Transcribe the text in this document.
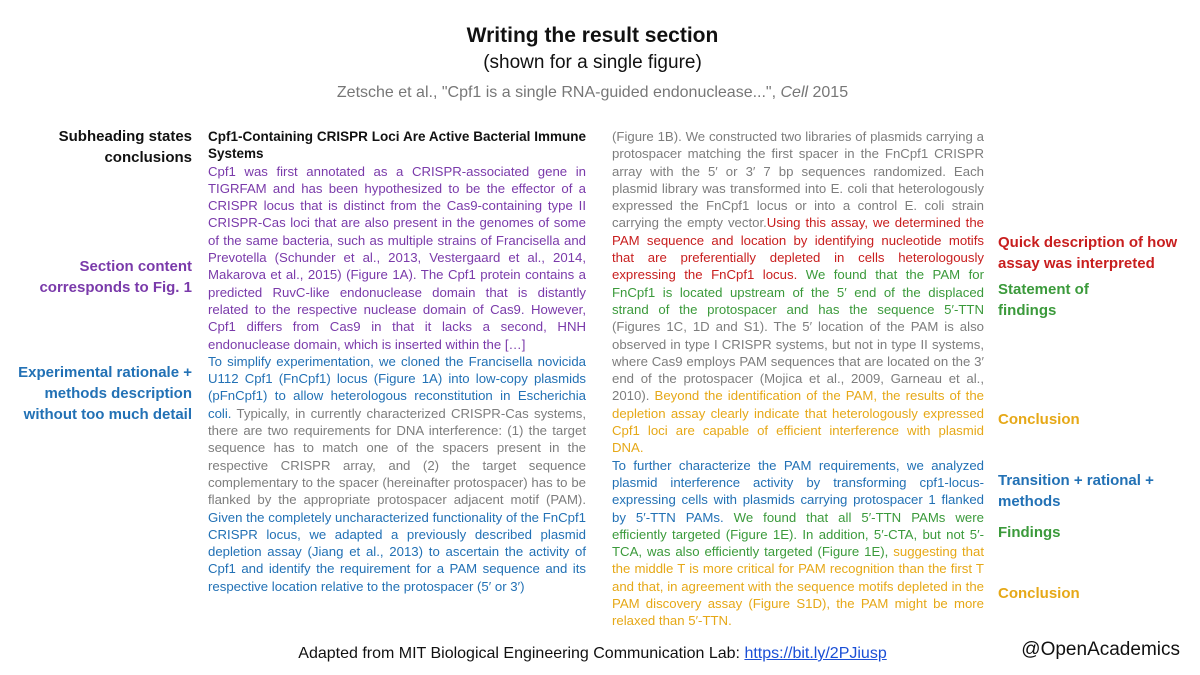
Writing the result section
(shown for a single figure)
Zetsche et al., "Cpf1 is a single RNA-guided endonuclease...", Cell 2015
Subheading states conclusions
Section content corresponds to Fig. 1
Experimental rationale + methods description without too much detail

Cpf1-Containing CRISPR Loci Are Active Bacterial Immune Systems

Cpf1 was first annotated as a CRISPR-associated gene in TIGRFAM and has been hypothesized to be the effector of a CRISPR locus that is distinct from the Cas9-containing type II CRISPR-Cas loci that are also present in the genomes of some of the same bacteria, such as multiple strains of Francisella and Prevotella (Schunder et al., 2013, Vestergaard et al., 2014, Makarova et al., 2015) (Figure 1A). The Cpf1 protein contains a predicted RuvC-like endonuclease domain that is distantly related to the respective nuclease domain of Cas9. However, Cpf1 differs from Cas9 in that it lacks a second, HNH endonuclease domain, which is inserted within the […]

To simplify experimentation, we cloned the Francisella novicida U112 Cpf1 (FnCpf1) locus (Figure 1A) into low-copy plasmids (pFnCpf1) to allow heterologous reconstitution in Escherichia coli. Typically, in currently characterized CRISPR-Cas systems, there are two requirements for DNA interference: (1) the target sequence has to match one of the spacers present in the respective CRISPR array, and (2) the target sequence complementary to the spacer (hereinafter protospacer) has to be flanked by the appropriate protospacer adjacent motif (PAM). Given the completely uncharacterized functionality of the FnCpf1 CRISPR locus, we adapted a previously described plasmid depletion assay (Jiang et al., 2013) to ascertain the activity of Cpf1 and identify the requirement for a PAM sequence and its respective location relative to the protospacer (5′ or 3′)

(Figure 1B). We constructed two libraries of plasmids carrying a protospacer matching the first spacer in the FnCpf1 CRISPR array with the 5′ or 3′ 7 bp sequences randomized. Each plasmid library was transformed into E. coli that heterologously expressed the FnCpf1 locus or into a control E. coli strain carrying the empty vector.Using this assay, we determined the PAM sequence and location by identifying nucleotide motifs that are preferentially depleted in cells heterologously expressing the FnCpf1 locus. We found that the PAM for FnCpf1 is located upstream of the 5′ end of the displaced strand of the protospacer and has the sequence 5′-TTN (Figures 1C, 1D and S1). The 5′ location of the PAM is also observed in type I CRISPR systems, but not in type II systems, where Cas9 employs PAM sequences that are located on the 3′ end of the protospacer (Mojica et al., 2009, Garneau et al., 2010). Beyond the identification of the PAM, the results of the depletion assay clearly indicate that heterologously expressed Cpf1 loci are capable of efficient interference with plasmid DNA.

To further characterize the PAM requirements, we analyzed plasmid interference activity by transforming cpf1-locus-expressing cells with plasmids carrying protospacer 1 flanked by 5′-TTN PAMs. We found that all 5′-TTN PAMs were efficiently targeted (Figure 1E). In addition, 5′-CTA, but not 5′-TCA, was also efficiently targeted (Figure 1E), suggesting that the middle T is more critical for PAM recognition than the first T and that, in agreement with the sequence motifs depleted in the PAM discovery assay (Figure S1D), the PAM might be more relaxed than 5′-TTN.

Quick description of how assay was interpreted
Statement of findings
Conclusion
Transition + rational + methods
Findings
Conclusion
Adapted from MIT Biological Engineering Communication Lab: https://bit.ly/2PJiusp	@OpenAcademics
